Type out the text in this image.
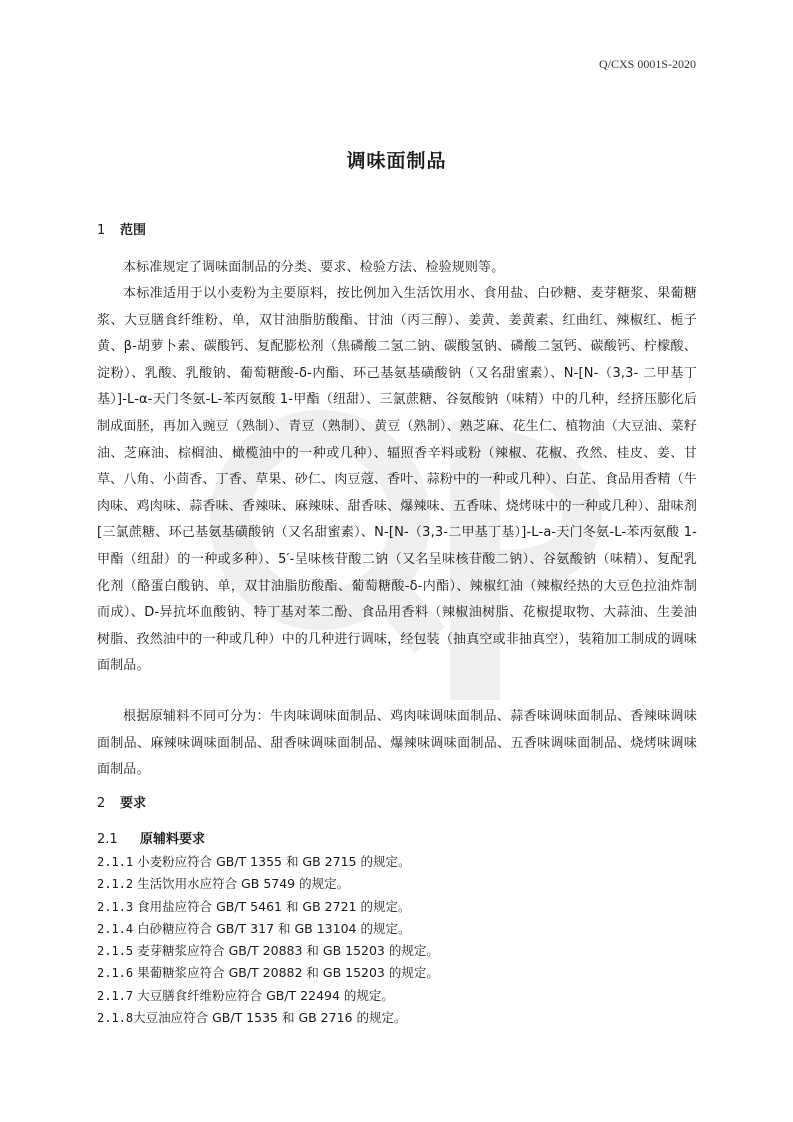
Q/CXS 0001S-2020
调味面制品
1 范围

本标准规定了调味面制品的分类、要求、检验方法、检验规则等。

本标准适用于以小麦粉为主要原料，按比例加入生活饮用水、食用盐、白砂糖、麦芽糖浆、果葡糖浆、大豆膳食纤维粉、单，双甘油脂肪酸酯、甘油（丙三醇）、姜黄、姜黄素、红曲红、辣椒红、栀子黄、β-胡萝卜素、碳酸钙、复配膨松剂（焦磷酸二氢二钠、碳酸氢钠、磷酸二氢钙、碳酸钙、柠檬酸、淀粉）、乳酸、乳酸钠、葡萄糖酸-δ-内酯、环己基氨基磺酸钠（又名甜蜜素）、N-[N-（3,3- 二甲基丁基）]-L-α-天门冬氨-L-苯丙氨酸 1-甲酯（纽甜）、三氯蔗糖、谷氨酸钠（味精）中的几种，经挤压膨化后制成面胚，再加入豌豆（熟制）、青豆（熟制）、黄豆（熟制）、熟芝麻、花生仁、植物油（大豆油、菜籽油、芝麻油、棕榈油、橄榄油中的一种或几种）、辐照香辛料或粉（辣椒、花椒、孜然、桂皮、姜、甘草、八角、小茴香、丁香、草果、砂仁、肉豆蔻、香叶、蒜粉中的一种或几种）、白芷、食品用香精（牛肉味、鸡肉味、蒜香味、香辣味、麻辣味、甜香味、爆辣味、五香味、烧烤味中的一种或几种）、甜味剂[三氯蔗糖、环己基氨基磺酸钠（又名甜蜜素）、N-[N-（3,3-二甲基丁基）]-L-a-天门冬氨-L-苯丙氨酸 1-甲酯（纽甜）的一种或多种）、5′-呈味核苷酸二钠（又名呈味核苷酸二钠）、谷氨酸钠（味精）、复配乳化剂（酪蛋白酸钠、单，双甘油脂肪酸酯、葡萄糖酸-δ-内酯）、辣椒红油（辣椒经热的大豆色拉油炸制而成）、D-异抗坏血酸钠、特丁基对苯二酚、食品用香料（辣椒油树脂、花椒提取物、大蒜油、生姜油树脂、孜然油中的一种或几种）中的几种进行调味，经包装（抽真空或非抽真空），装箱加工制成的调味面制品。

根据原辅料不同可分为：牛肉味调味面制品、鸡肉味调味面制品、蒜香味调味面制品、香辣味调味面制品、麻辣味调味面制品、甜香味调味面制品、爆辣味调味面制品、五香味调味面制品、烧烤味调味面制品。

2 要求
2.1 原辅料要求
2.1.1 小麦粉应符合 GB/T 1355 和 GB 2715 的规定。
2.1.2 生活饮用水应符合 GB 5749 的规定。
2.1.3 食用盐应符合 GB/T 5461 和 GB 2721 的规定。
2.1.4 白砂糖应符合 GB/T 317 和 GB 13104 的规定。
2.1.5 麦芽糖浆应符合 GB/T 20883 和 GB 15203 的规定。
2.1.6 果葡糖浆应符合 GB/T 20882 和 GB 15203 的规定。
2.1.7 大豆膳食纤维粉应符合 GB/T 22494 的规定。
2.1.8大豆油应符合 GB/T 1535 和 GB 2716 的规定。
